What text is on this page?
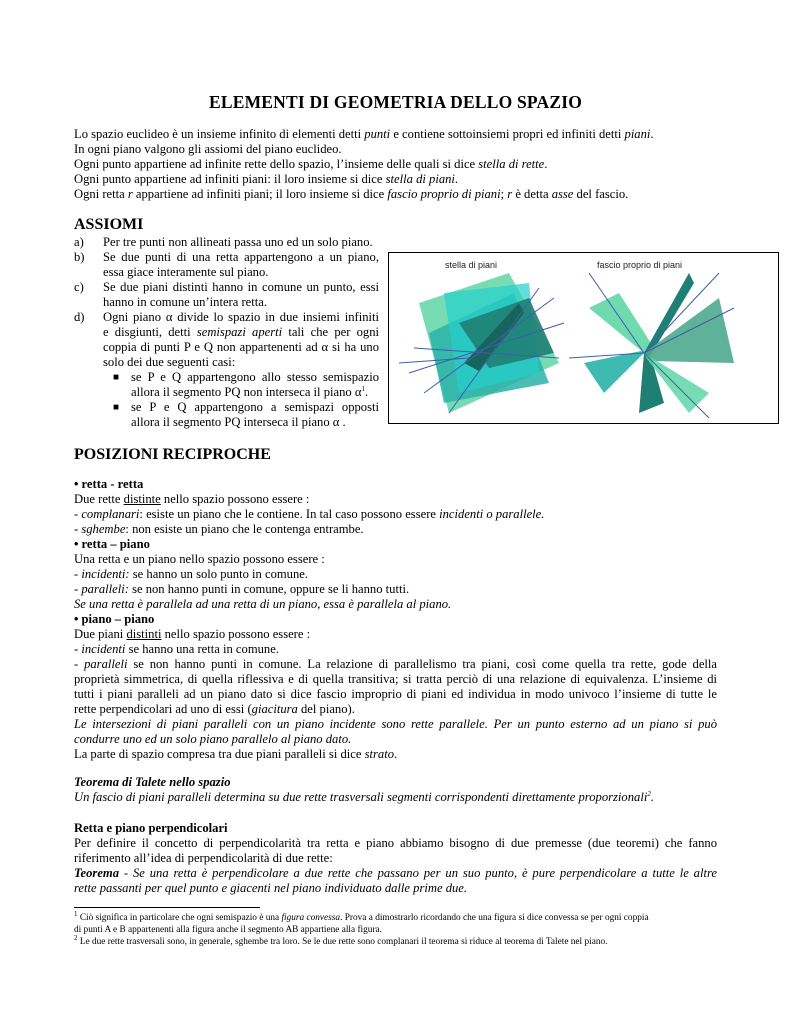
ELEMENTI DI GEOMETRIA DELLO SPAZIO
Lo spazio euclideo è un insieme infinito di elementi detti punti e contiene sottoinsiemi propri ed infiniti detti piani.
In ogni piano valgono gli assiomi del piano euclideo.
Ogni punto appartiene ad infinite rette dello spazio, l’insieme delle quali si dice stella di rette.
Ogni punto appartiene ad infiniti piani: il loro insieme si dice stella di piani.
Ogni retta r appartiene ad infiniti piani; il loro insieme si dice fascio proprio di piani; r è detta asse del fascio.
ASSIOMI
a) Per tre punti non allineati passa uno ed un solo piano.
b) Se due punti di una retta appartengono a un piano,
essa giace interamente sul piano.
c) Se due piani distinti hanno in comune un punto, essi
hanno in comune un’intera retta.
d) Ogni piano α divide lo spazio in due insiemi infiniti
e disgiunti, detti semispazi aperti tali che per ogni
coppia di punti P e Q non appartenenti ad α si ha uno
solo dei due seguenti casi:
■ se P e Q appartengono allo stesso semispazio
allora il segmento PQ non interseca il piano $\alpha^1$.
■ se P e Q appartengono a semispazi opposti
allora il segmento PQ interseca il piano α .
stella di piani	fascio proprio di piani
POSIZIONI RECIPROCHE
• retta - retta
Due rette distinte nello spazio possono essere :
- complanari: esiste un piano che le contiene. In tal caso possono essere incidenti o parallele.
- sghembe: non esiste un piano che le contenga entrambe.
• retta – piano
Una retta e un piano nello spazio possono essere :
- incidenti: se hanno un solo punto in comune.
- paralleli: se non hanno punti in comune, oppure se li hanno tutti.
Se una retta è parallela ad una retta di un piano, essa è parallela al piano.
• piano – piano
Due piani distinti nello spazio possono essere :
- incidenti se hanno una retta in comune.
- paralleli se non hanno punti in comune. La relazione di parallelismo tra piani, così come quella tra rette, gode della
proprietà simmetrica, di quella riflessiva e di quella transitiva; si tratta perciò di una relazione di equivalenza. L’insieme di
tutti i piani paralleli ad un piano dato si dice fascio improprio di piani ed individua in modo univoco l’insieme di tutte le
rette perpendicolari ad uno di essi (giacitura del piano).
Le intersezioni di piani paralleli con un piano incidente sono rette parallele. Per un punto esterno ad un piano si può
condurre uno ed un solo piano parallelo al piano dato.
La parte di spazio compresa tra due piani paralleli si dice strato.
Teorema di Talete nello spazio
Un fascio di piani paralleli determina su due rette trasversali segmenti corrispondenti direttamente proporzionali$^2$.
Retta e piano perpendicolari
Per definire il concetto di perpendicolarità tra retta e piano abbiamo bisogno di due premesse (due teoremi) che fanno
riferimento all’idea di perpendicolarità di due rette:
Teorema - Se una retta è perpendicolare a due rette che passano per un suo punto, è pure perpendicolare a tutte le altre
rette passanti per quel punto e giacenti nel piano individuato dalle prime due.
$^1$ Ciò significa in particolare che ogni semispazio è una figura convessa. Prova a dimostrarlo ricordando che una figura si dice convessa se per ogni coppia
di punti A e B appartenenti alla figura anche il segmento AB appartiene alla figura.
$^2$ Le due rette trasversali sono, in generale, sghembe tra loro. Se le due rette sono complanari il teorema si riduce al teorema di Talete nel piano.
